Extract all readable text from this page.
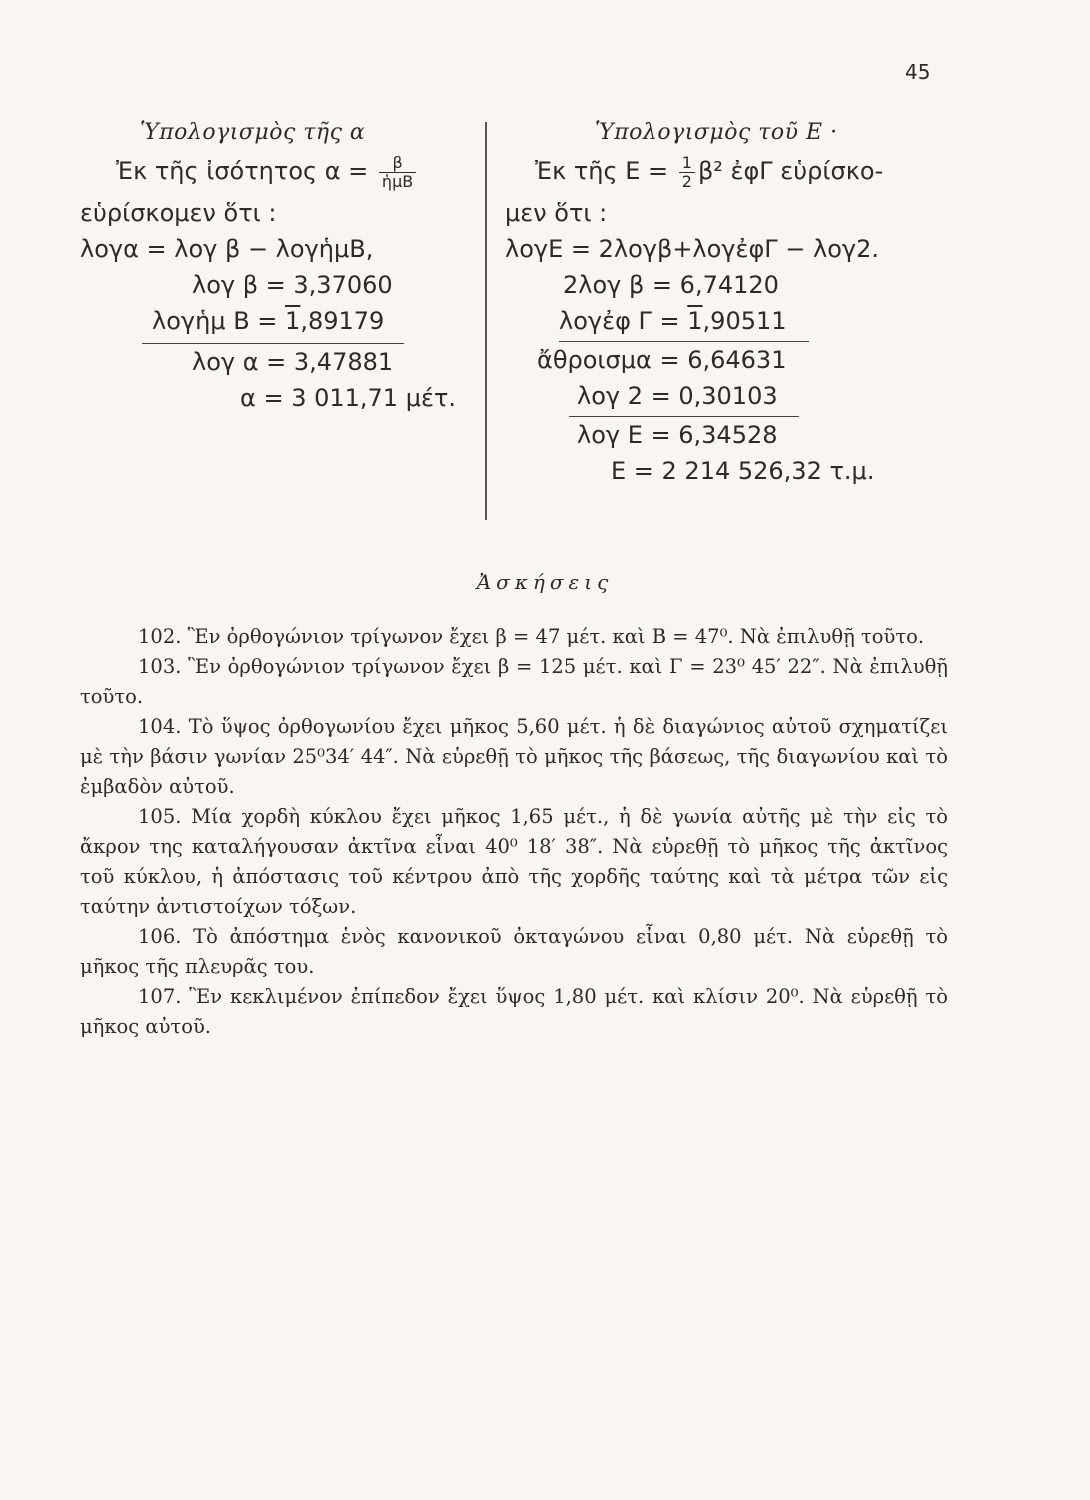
45
Ὑπολογισμὸς τῆς α
Ἐκ τῆς ἰσότητος $\alpha = \frac{\beta}{\text{ἡμΒ}}$
εὑρίσκομεν ὅτι :
λογα = λογ β − λογἡμΒ,
λογ β = 3,37060
λογἡμ Β = 1,89179
λογ α = 3,47881
α = 3 011,71 μέτ.
Ὑπολογισμὸς τοῦ Ε ·
Ἐκ τῆς $E = \frac{1}{2} \beta^2$ ἐφΓ εὑρίσκο-
μεν ὅτι :
λογΕ = 2λογβ+λογἐφΓ − λογ2.
2λογ β = 6,74120
λογἐφ Γ = 1,90511
ἄθροισμα = 6,64631
λογ 2 = 0,30103
λογ Ε = 6,34528
Ε = 2 214 526,32 τ.μ.
Ἀσκήσεις

102. Ἓν ὀρθογώνιον τρίγωνον ἔχει β = 47 μέτ. καὶ Β = 47⁰. Νὰ ἐπιλυθῇ τοῦτο.

103. Ἓν ὀρθογώνιον τρίγωνον ἔχει β = 125 μέτ. καὶ Γ = 23⁰ 45′ 22″. Νὰ ἐπιλυθῇ τοῦτο.

104. Τὸ ὕψος ὀρθογωνίου ἔχει μῆκος 5,60 μέτ. ἡ δὲ διαγώνιος αὐτοῦ σχηματίζει μὲ τὴν βάσιν γωνίαν 25⁰34′ 44″. Νὰ εὑρεθῇ τὸ μῆκος τῆς βάσεως, τῆς διαγωνίου καὶ τὸ ἐμβαδὸν αὐτοῦ.

105. Μία χορδὴ κύκλου ἔχει μῆκος 1,65 μέτ., ἡ δὲ γωνία αὐτῆς μὲ τὴν εἰς τὸ ἄκρον της καταλήγουσαν ἀκτῖνα εἶναι 40⁰ 18′ 38″. Νὰ εὑρεθῇ τὸ μῆκος τῆς ἀκτῖνος τοῦ κύκλου, ἡ ἀπόστασις τοῦ κέντρου ἀπὸ τῆς χορδῆς ταύτης καὶ τὰ μέτρα τῶν εἰς ταύτην ἀντιστοίχων τόξων.

106. Τὸ ἀπόστημα ἑνὸς κανονικοῦ ὀκταγώνου εἶναι 0,80 μέτ. Νὰ εὑρεθῇ τὸ μῆκος τῆς πλευρᾶς του.

107. Ἓν κεκλιμένον ἐπίπεδον ἔχει ὕψος 1,80 μέτ. καὶ κλίσιν 20⁰. Νὰ εὑρεθῇ τὸ μῆκος αὐτοῦ.
